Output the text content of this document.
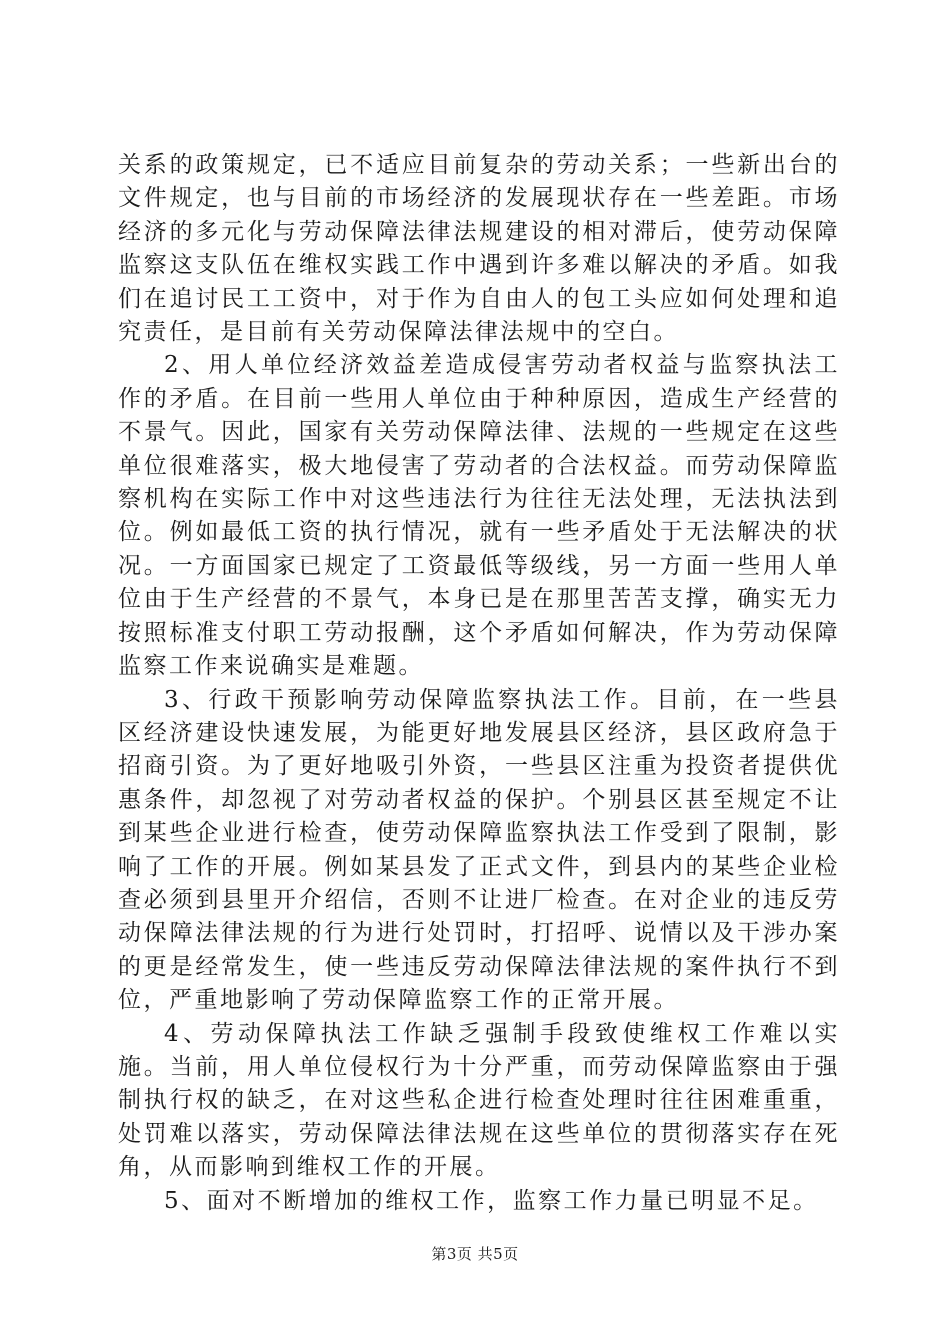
关系的政策规定，已不适应目前复杂的劳动关系；一些新出台的文件规定，也与目前的市场经济的发展现状存在一些差距。市场经济的多元化与劳动保障法律法规建设的相对滞后，使劳动保障监察这支队伍在维权实践工作中遇到许多难以解决的矛盾。如我们在追讨民工工资中，对于作为自由人的包工头应如何处理和追究责任，是目前有关劳动保障法律法规中的空白。

2、用人单位经济效益差造成侵害劳动者权益与监察执法工作的矛盾。在目前一些用人单位由于种种原因，造成生产经营的不景气。因此，国家有关劳动保障法律、法规的一些规定在这些单位很难落实，极大地侵害了劳动者的合法权益。而劳动保障监察机构在实际工作中对这些违法行为往往无法处理，无法执法到位。例如最低工资的执行情况，就有一些矛盾处于无法解决的状况。一方面国家已规定了工资最低等级线，另一方面一些用人单位由于生产经营的不景气，本身已是在那里苦苦支撑，确实无力按照标准支付职工劳动报酬，这个矛盾如何解决，作为劳动保障监察工作来说确实是难题。

3、行政干预影响劳动保障监察执法工作。目前，在一些县区经济建设快速发展，为能更好地发展县区经济，县区政府急于招商引资。为了更好地吸引外资，一些县区注重为投资者提供优惠条件，却忽视了对劳动者权益的保护。个别县区甚至规定不让到某些企业进行检查，使劳动保障监察执法工作受到了限制，影响了工作的开展。例如某县发了正式文件，到县内的某些企业检查必须到县里开介绍信，否则不让进厂检查。在对企业的违反劳动保障法律法规的行为进行处罚时，打招呼、说情以及干涉办案的更是经常发生，使一些违反劳动保障法律法规的案件执行不到位，严重地影响了劳动保障监察工作的正常开展。

4、劳动保障执法工作缺乏强制手段致使维权工作难以实施。当前，用人单位侵权行为十分严重，而劳动保障监察由于强制执行权的缺乏，在对这些私企进行检查处理时往往困难重重，处罚难以落实，劳动保障法律法规在这些单位的贯彻落实存在死角，从而影响到维权工作的开展。

5、面对不断增加的维权工作，监察工作力量已明显不足。

第3页 共5页
